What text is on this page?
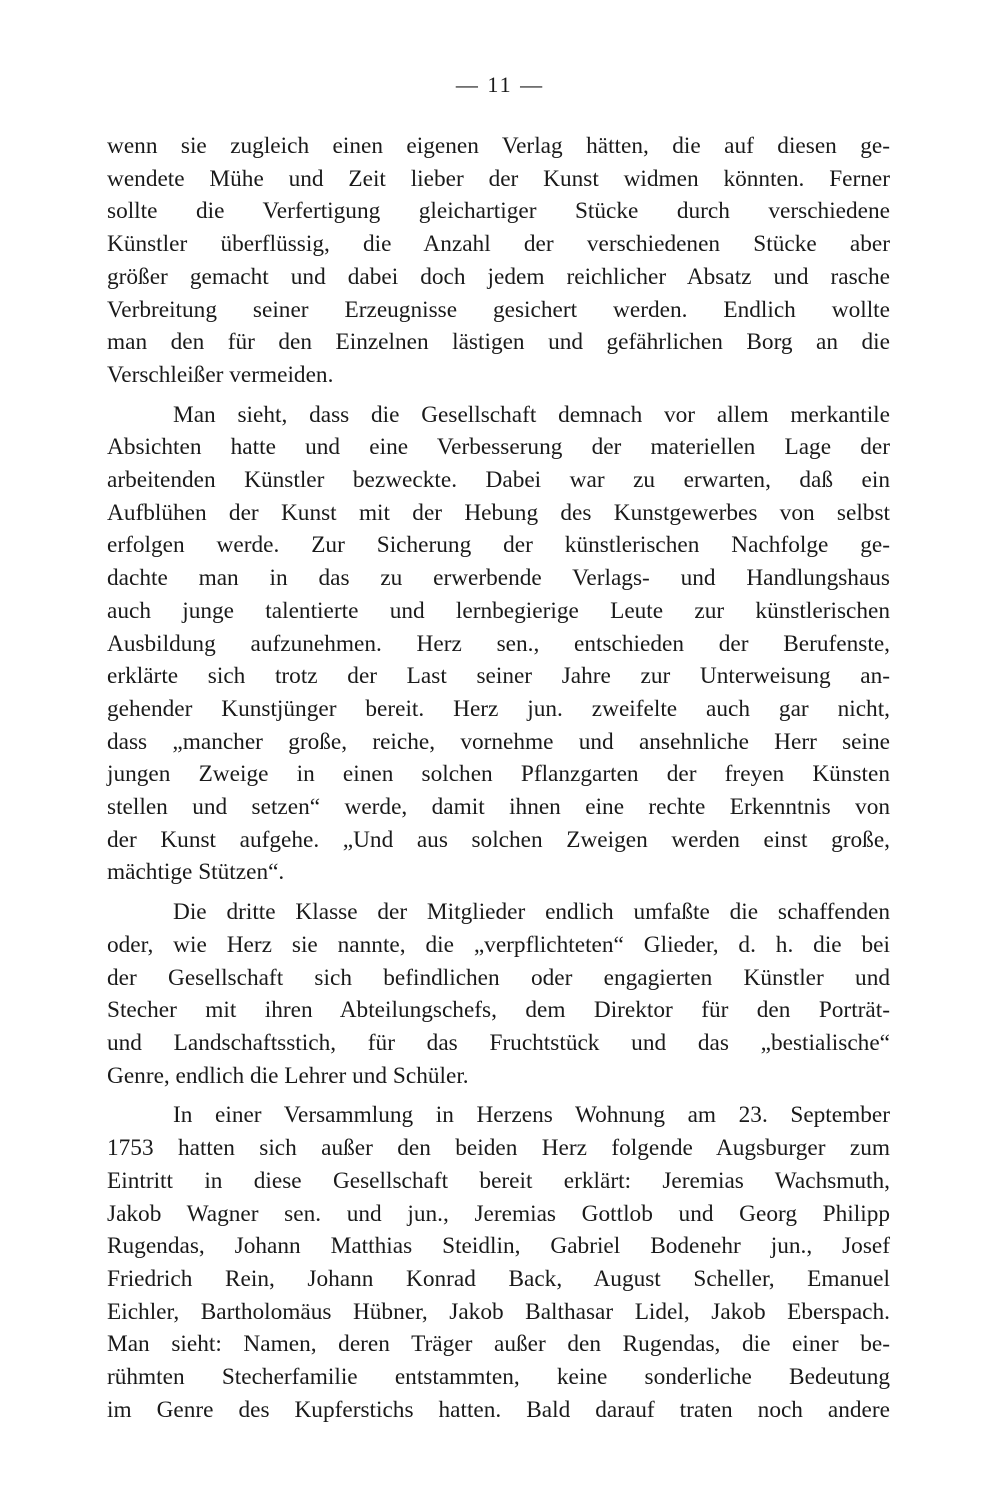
— 11 —

wenn sie zugleich einen eigenen Verlag hätten, die auf diesen ge-
wendete Mühe und Zeit lieber der Kunst widmen könnten. Ferner
sollte die Verfertigung gleichartiger Stücke durch verschiedene
Künstler überflüssig, die Anzahl der verschiedenen Stücke aber
größer gemacht und dabei doch jedem reichlicher Absatz und rasche
Verbreitung seiner Erzeugnisse gesichert werden. Endlich wollte
man den für den Einzelnen lästigen und gefährlichen Borg an die
Verschleißer vermeiden.

Man sieht, dass die Gesellschaft demnach vor allem merkantile
Absichten hatte und eine Verbesserung der materiellen Lage der
arbeitenden Künstler bezweckte. Dabei war zu erwarten, daß ein
Aufblühen der Kunst mit der Hebung des Kunstgewerbes von selbst
erfolgen werde. Zur Sicherung der künstlerischen Nachfolge ge-
dachte man in das zu erwerbende Verlags- und Handlungshaus
auch junge talentierte und lernbegierige Leute zur künstlerischen
Ausbildung aufzunehmen. Herz sen., entschieden der Berufenste,
erklärte sich trotz der Last seiner Jahre zur Unterweisung an-
gehender Kunstjünger bereit. Herz jun. zweifelte auch gar nicht,
dass „mancher große, reiche, vornehme und ansehnliche Herr seine
jungen Zweige in einen solchen Pflanzgarten der freyen Künsten
stellen und setzen“ werde, damit ihnen eine rechte Erkenntnis von
der Kunst aufgehe. „Und aus solchen Zweigen werden einst große,
mächtige Stützen“.

Die dritte Klasse der Mitglieder endlich umfaßte die schaffenden
oder, wie Herz sie nannte, die „verpflichteten“ Glieder, d. h. die bei
der Gesellschaft sich befindlichen oder engagierten Künstler und
Stecher mit ihren Abteilungschefs, dem Direktor für den Porträt-
und Landschaftsstich, für das Fruchtstück und das „bestialische“
Genre, endlich die Lehrer und Schüler.

In einer Versammlung in Herzens Wohnung am 23. September
1753 hatten sich außer den beiden Herz folgende Augsburger zum
Eintritt in diese Gesellschaft bereit erklärt: Jeremias Wachsmuth,
Jakob Wagner sen. und jun., Jeremias Gottlob und Georg Philipp
Rugendas, Johann Matthias Steidlin, Gabriel Bodenehr jun., Josef
Friedrich Rein, Johann Konrad Back, August Scheller, Emanuel
Eichler, Bartholomäus Hübner, Jakob Balthasar Lidel, Jakob Eberspach.
Man sieht: Namen, deren Träger außer den Rugendas, die einer be-
rühmten Stecherfamilie entstammten, keine sonderliche Bedeutung
im Genre des Kupferstichs hatten. Bald darauf traten noch andere
